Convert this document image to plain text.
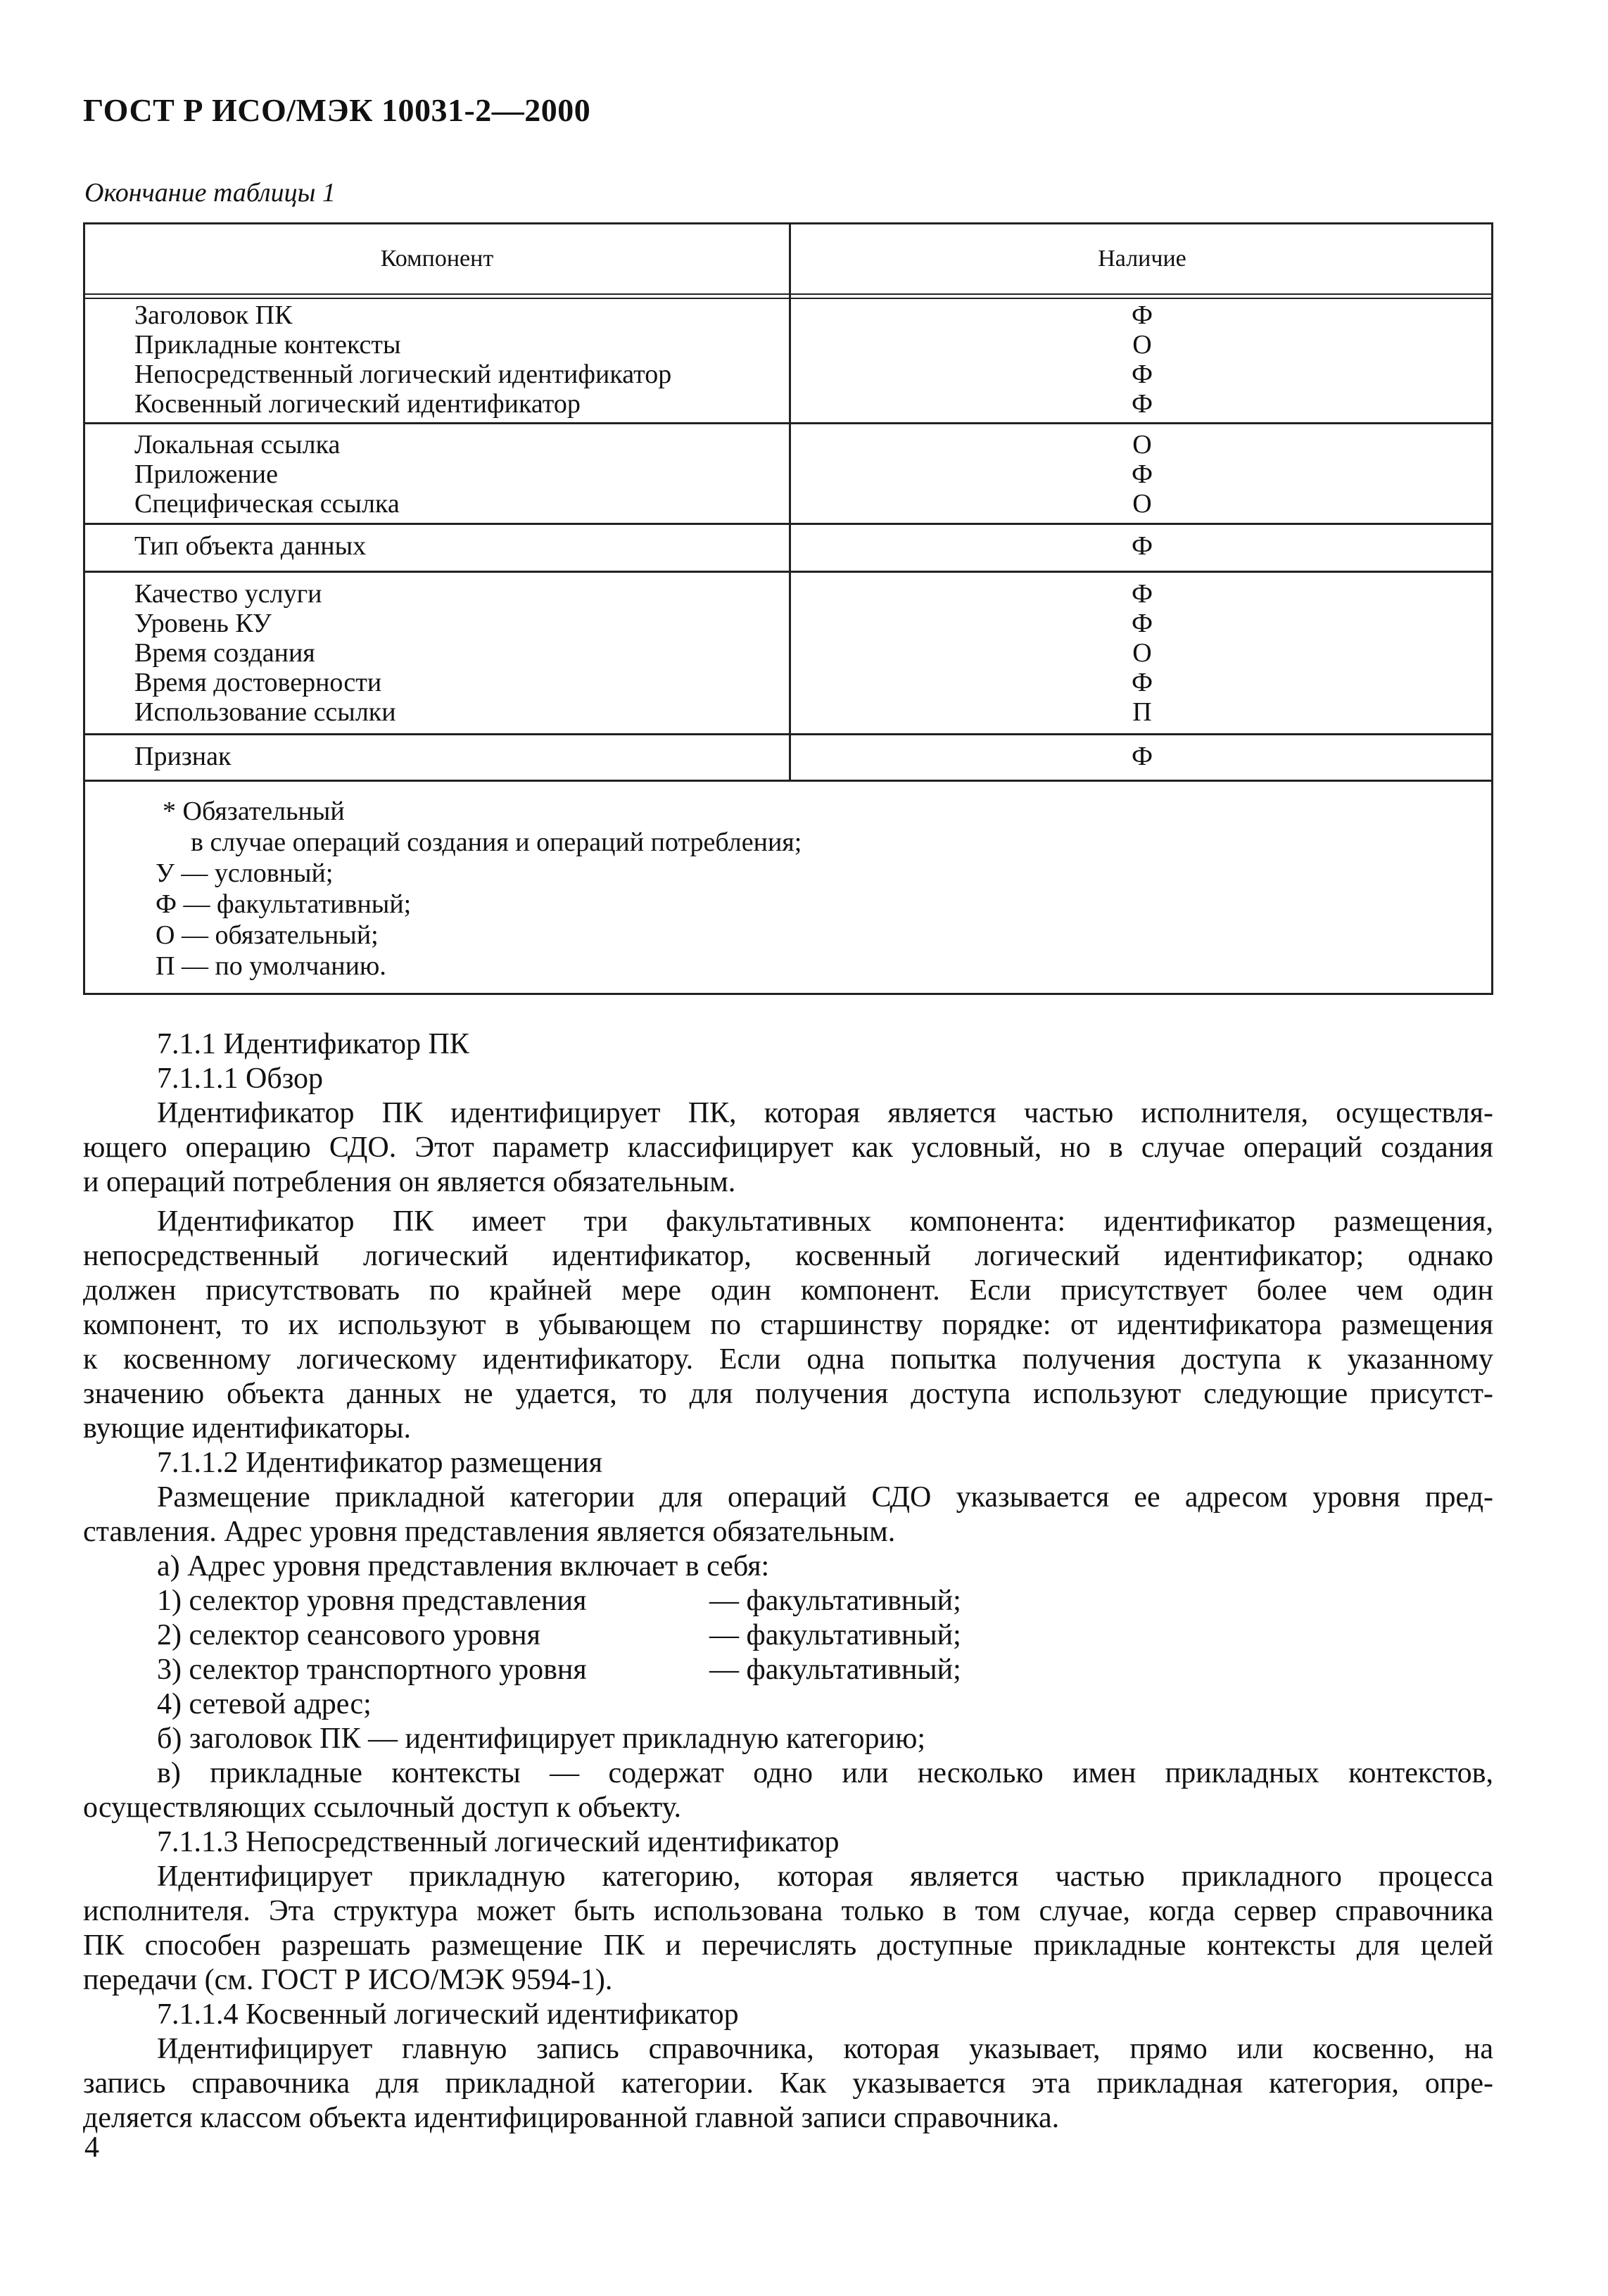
ГОСТ Р ИСО/МЭК 10031-2—2000
Окончание таблицы 1
Компонент	Наличие
Заголовок ПК	Ф
Прикладные контексты	О
Непосредственный логический идентификатор	Ф
Косвенный логический идентификатор	Ф
Локальная ссылка	О
Приложение	Ф
Специфическая ссылка	О
Тип объекта данных	Ф
Качество услуги	Ф
Уровень КУ	Ф
Время создания	О
Время достоверности	Ф
Использование ссылки	П
Признак	Ф
* Обязательный
в случае операций создания и операций потребления;
У — условный;
Ф — факультативный;
О — обязательный;
П — по умолчанию.
7.1.1 Идентификатор ПК
7.1.1.1 Обзор
Идентификатор ПК идентифицирует ПК, которая является частью исполнителя, осуществля-
ющего операцию СДО. Этот параметр классифицирует как условный, но в случае операций создания
и операций потребления он является обязательным.
Идентификатор ПК имеет три факультативных компонента: идентификатор размещения,
непосредственный логический идентификатор, косвенный логический идентификатор; однако
должен присутствовать по крайней мере один компонент. Если присутствует более чем один
компонент, то их используют в убывающем по старшинству порядке: от идентификатора размещения
к косвенному логическому идентификатору. Если одна попытка получения доступа к указанному
значению объекта данных не удается, то для получения доступа используют следующие присутст-
вующие идентификаторы.
7.1.1.2 Идентификатор размещения
Размещение прикладной категории для операций СДО указывается ее адресом уровня пред-
ставления. Адрес уровня представления является обязательным.
а) Адрес уровня представления включает в себя:
1) селектор уровня представления	— факультативный;
2) селектор сеансового уровня	— факультативный;
3) селектор транспортного уровня	— факультативный;
4) сетевой адрес;
б) заголовок ПК — идентифицирует прикладную категорию;
в) прикладные контексты — содержат одно или несколько имен прикладных контекстов,
осуществляющих ссылочный доступ к объекту.
7.1.1.3 Непосредственный логический идентификатор
Идентифицирует прикладную категорию, которая является частью прикладного процесса
исполнителя. Эта структура может быть использована только в том случае, когда сервер справочника
ПК способен разрешать размещение ПК и перечислять доступные прикладные контексты для целей
передачи (см. ГОСТ Р ИСО/МЭК 9594-1).
7.1.1.4 Косвенный логический идентификатор
Идентифицирует главную запись справочника, которая указывает, прямо или косвенно, на
запись справочника для прикладной категории. Как указывается эта прикладная категория, опре-
деляется классом объекта идентифицированной главной записи справочника.
4
